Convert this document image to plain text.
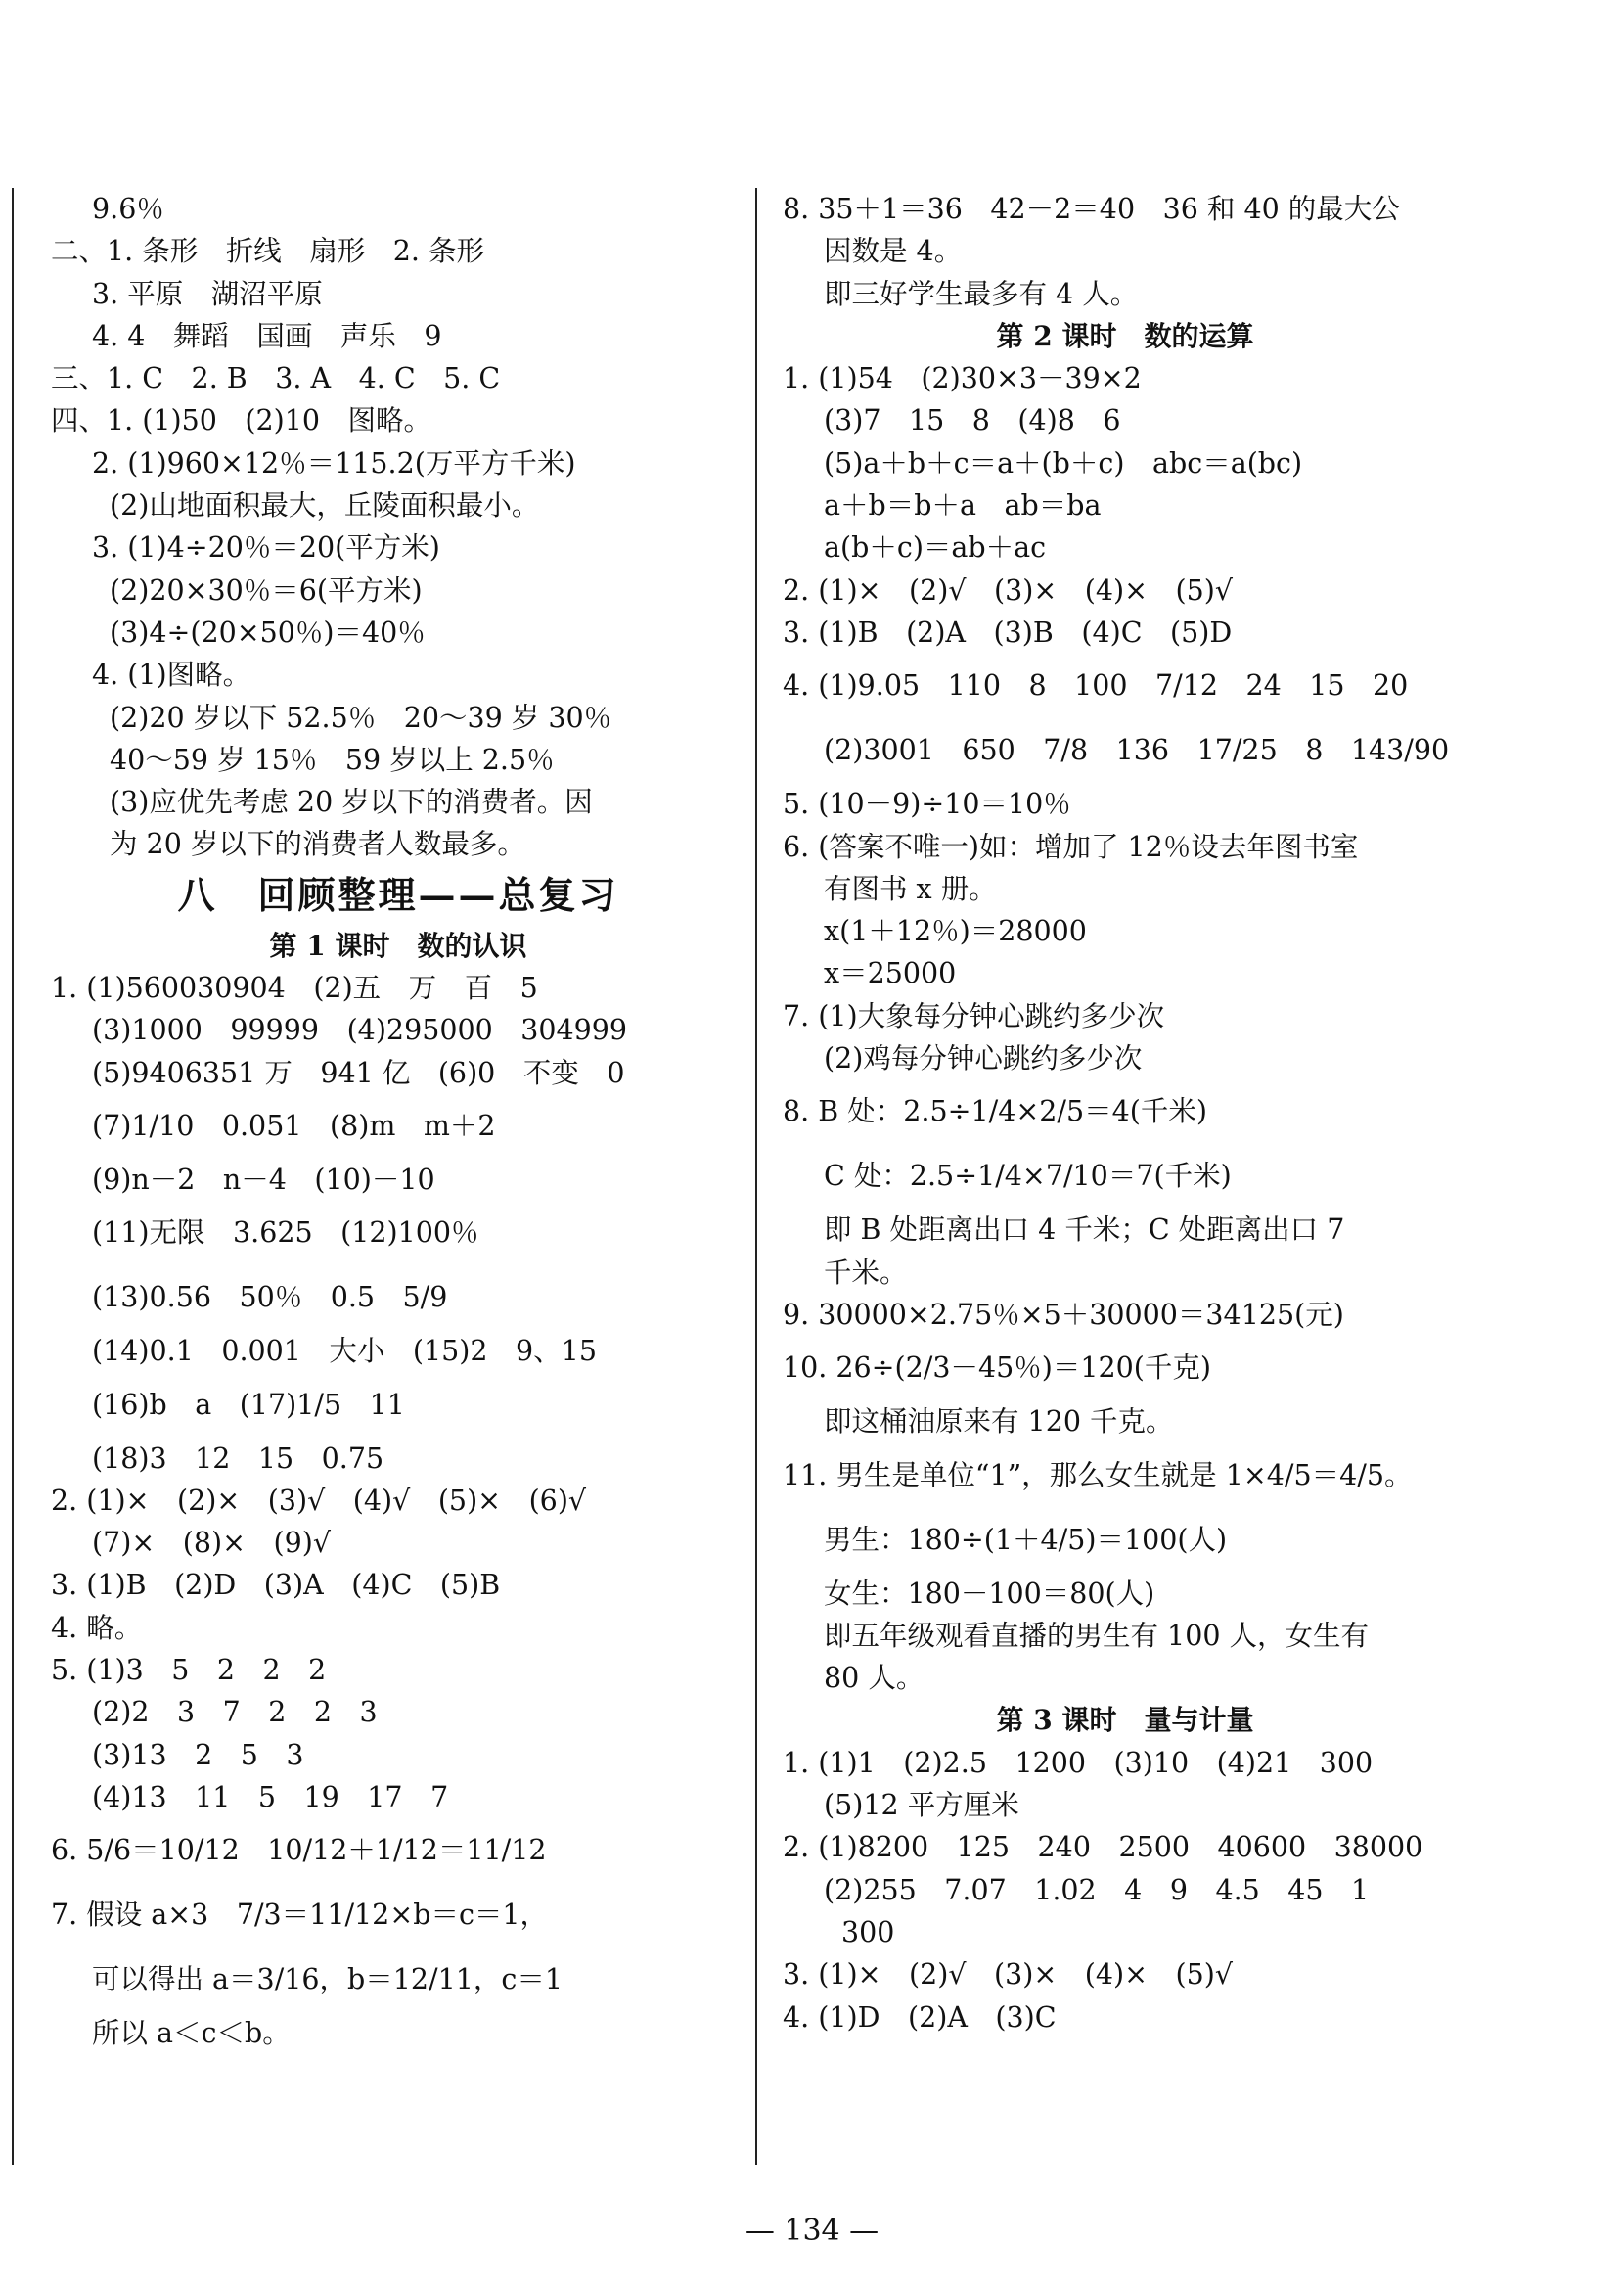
9.6％
二、1. 条形　折线　扇形　2. 条形
3. 平原　湖沼平原
4. 4　舞蹈　国画　声乐　9
三、1. C　2. B　3. A　4. C　5. C
四、1. (1)50　(2)10　图略。
2. (1)960×12％＝115.2(万平方千米)
(2)山地面积最大，丘陵面积最小。
3. (1)4÷20％＝20(平方米)
(2)20×30％＝6(平方米)
(3)4÷(20×50％)＝40％
4. (1)图略。
(2)20 岁以下 52.5％　20～39 岁 30％
40～59 岁 15％　59 岁以上 2.5％
(3)应优先考虑 20 岁以下的消费者。因
为 20 岁以下的消费者人数最多。
八　回顾整理——总复习
第 1 课时　数的认识
1. (1)560030904　(2)五　万　百　5
(3)1000　99999　(4)295000　304999
(5)9406351 万　941 亿　(6)0　不变　0
(7)1/10　0.051　(8)m　m＋2
(9)n－2　n－4　(10)－10
(11)无限　3.625　(12)100％
(13)0.56　50％　0.5　5/9
(14)0.1　0.001　大小　(15)2　9、15
(16)b　a　(17)1/5　11
(18)3　12　15　0.75
2. (1)×　(2)×　(3)√　(4)√　(5)×　(6)√
(7)×　(8)×　(9)√
3. (1)B　(2)D　(3)A　(4)C　(5)B
4. 略。
5. (1)3　5　2　2　2
(2)2　3　7　2　2　3
(3)13　2　5　3
(4)13　11　5　19　17　7
6. 5/6＝10/12　10/12＋1/12＝11/12
7. 假设 a×3　7/3＝11/12×b＝c＝1，
可以得出 a＝3/16，b＝12/11，c＝1
所以 a＜c＜b。
8. 35＋1＝36　42－2＝40　36 和 40 的最大公
因数是 4。
即三好学生最多有 4 人。
第 2 课时　数的运算
1. (1)54　(2)30×3－39×2
(3)7　15　8　(4)8　6
(5)a＋b＋c＝a＋(b＋c)　abc＝a(bc)
a＋b＝b＋a　ab＝ba
a(b＋c)＝ab＋ac
2. (1)×　(2)√　(3)×　(4)×　(5)√
3. (1)B　(2)A　(3)B　(4)C　(5)D
4. (1)9.05　110　8　100　7/12　24　15　20
(2)3001　650　7/8　136　17/25　8　143/90
5. (10－9)÷10＝10％
6. (答案不唯一)如：增加了 12％设去年图书室
有图书 x 册。
x(1＋12％)＝28000
x＝25000
7. (1)大象每分钟心跳约多少次
(2)鸡每分钟心跳约多少次
8. B 处：2.5÷1/4×2/5＝4(千米)
C 处：2.5÷1/4×7/10＝7(千米)
即 B 处距离出口 4 千米；C 处距离出口 7
千米。
9. 30000×2.75％×5＋30000＝34125(元)
10. 26÷(2/3－45％)＝120(千克)
即这桶油原来有 120 千克。
11. 男生是单位“1”，那么女生就是 1×4/5＝4/5。
男生：180÷(1＋4/5)＝100(人)
女生：180－100＝80(人)
即五年级观看直播的男生有 100 人，女生有
80 人。
第 3 课时　量与计量
1. (1)1　(2)2.5　1200　(3)10　(4)21　300
(5)12 平方厘米
2. (1)8200　125　240　2500　40600　38000
(2)255　7.07　1.02　4　9　4.5　45　1
300
3. (1)×　(2)√　(3)×　(4)×　(5)√
4. (1)D　(2)A　(3)C
— 134 —
